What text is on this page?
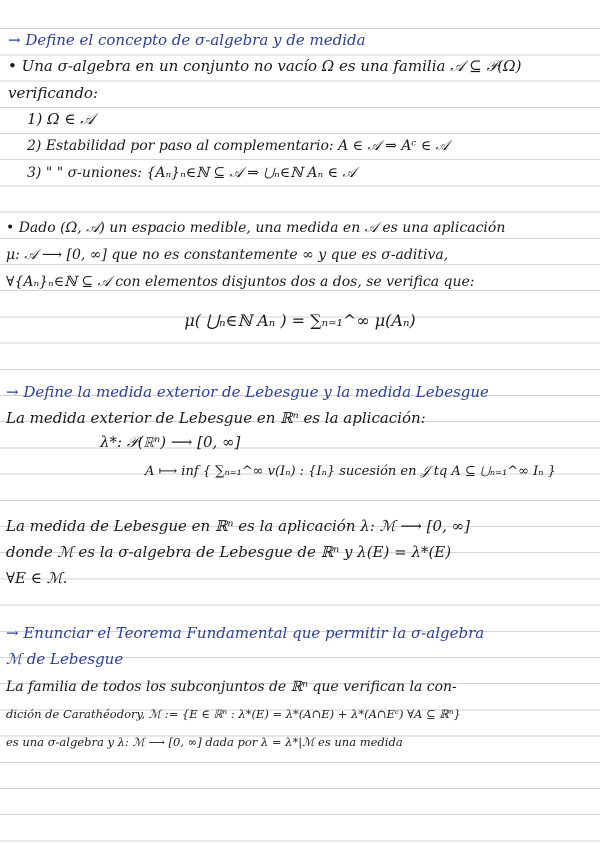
→ Define el concepto de σ-algebra y de medida
• Una σ-algebra en un conjunto no vacío Ω es una familia 𝒜 ⊆ 𝒫(Ω)
verificando:
1) Ω ∈ 𝒜
2) Estabilidad por paso al complementario: A ∈ 𝒜 ⇒ Aᶜ ∈ 𝒜
3) " " σ-uniones: {Aₙ}ₙ∈ℕ ⊆ 𝒜 ⇒ ⋃ₙ∈ℕ Aₙ ∈ 𝒜
• Dado (Ω, 𝒜) un espacio medible, una medida en 𝒜 es una aplicación
μ: 𝒜 ⟶ [0, ∞] que no es constantemente ∞ y que es σ-aditiva,
∀{Aₙ}ₙ∈ℕ ⊆ 𝒜 con elementos disjuntos dos a dos, se verifica que:
μ( ⋃ₙ∈ℕ Aₙ ) = ∑ₙ₌₁^∞ μ(Aₙ)
→ Define la medida exterior de Lebesgue y la medida Lebesgue
La medida exterior de Lebesgue en ℝⁿ es la aplicación:
λ*: 𝒫(ℝⁿ) ⟶ [0, ∞]
A ⟼ inf { ∑ₙ₌₁^∞ v(Iₙ) : {Iₙ} sucesión en 𝒥 tq A ⊆ ⋃ₙ₌₁^∞ Iₙ }
La medida de Lebesgue en ℝⁿ es la aplicación λ: ℳ ⟶ [0, ∞]
donde ℳ es la σ-algebra de Lebesgue de ℝⁿ y λ(E) = λ*(E)
∀E ∈ ℳ.
→ Enunciar el Teorema Fundamental que permitir la σ-algebra
ℳ de Lebesgue
La familia de todos los subconjuntos de ℝⁿ que verifican la con-
dición de Carathéodory, ℳ := {E ∈ ℝⁿ : λ*(E) = λ*(A∩E) + λ*(A∩Eᶜ) ∀A ⊆ ℝⁿ}
es una σ-algebra y λ: ℳ ⟶ [0, ∞] dada por λ = λ*|ℳ es una medida
